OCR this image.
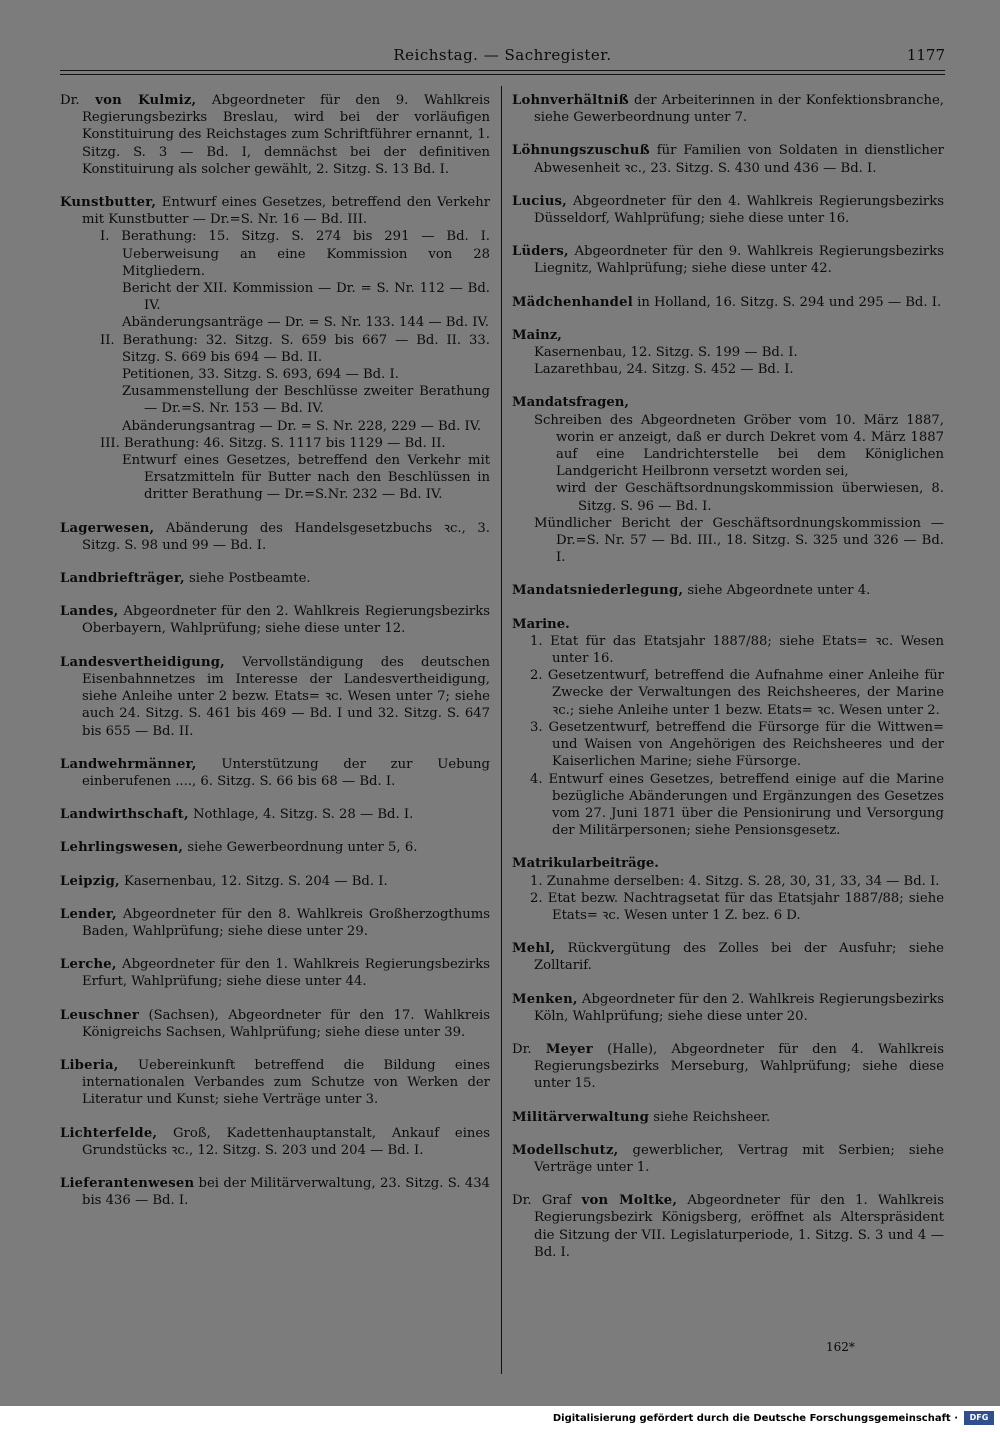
Reichstag. — Sachregister.	1177

Dr. von Kulmiz, Abgeordneter für den 9. Wahlkreis Regierungsbezirks Breslau, wird bei der vorläufigen Konstituirung des Reichstages zum Schriftführer ernannt, 1. Sitzg. S. 3 — Bd. I, demnächst bei der definitiven Konstituirung als solcher gewählt, 2. Sitzg. S. 13 Bd. I.

Kunstbutter, Entwurf eines Gesetzes, betreffend den Verkehr mit Kunstbutter — Dr.=S. Nr. 16 — Bd. III.

I. Berathung: 15. Sitzg. S. 274 bis 291 — Bd. I. Ueberweisung an eine Kommission von 28 Mitgliedern.

Bericht der XII. Kommission — Dr. = S. Nr. 112 — Bd. IV.

Abänderungsanträge — Dr. = S. Nr. 133. 144 — Bd. IV.

II. Berathung: 32. Sitzg. S. 659 bis 667 — Bd. II. 33. Sitzg. S. 669 bis 694 — Bd. II.

Petitionen, 33. Sitzg. S. 693, 694 — Bd. I.

Zusammenstellung der Beschlüsse zweiter Berathung — Dr.=S. Nr. 153 — Bd. IV.

Abänderungsantrag — Dr. = S. Nr. 228, 229 — Bd. IV.

III. Berathung: 46. Sitzg. S. 1117 bis 1129 — Bd. II.

Entwurf eines Gesetzes, betreffend den Verkehr mit Ersatzmitteln für Butter nach den Beschlüssen in dritter Berathung — Dr.=S.Nr. 232 — Bd. IV.

Lagerwesen, Abänderung des Handelsgesetzbuchs ꝛc., 3. Sitzg. S. 98 und 99 — Bd. I.

Landbriefträger, siehe Postbeamte.

Landes, Abgeordneter für den 2. Wahlkreis Regierungsbezirks Oberbayern, Wahlprüfung; siehe diese unter 12.

Landesvertheidigung, Vervollständigung des deutschen Eisenbahnnetzes im Interesse der Landesvertheidigung, siehe Anleihe unter 2 bezw. Etats= ꝛc. Wesen unter 7; siehe auch 24. Sitzg. S. 461 bis 469 — Bd. I und 32. Sitzg. S. 647 bis 655 — Bd. II.

Landwehrmänner, Unterstützung der zur Uebung einberufenen ...., 6. Sitzg. S. 66 bis 68 — Bd. I.

Landwirthschaft, Nothlage, 4. Sitzg. S. 28 — Bd. I.

Lehrlingswesen, siehe Gewerbeordnung unter 5, 6.

Leipzig, Kasernenbau, 12. Sitzg. S. 204 — Bd. I.

Lender, Abgeordneter für den 8. Wahlkreis Großherzogthums Baden, Wahlprüfung; siehe diese unter 29.

Lerche, Abgeordneter für den 1. Wahlkreis Regierungsbezirks Erfurt, Wahlprüfung; siehe diese unter 44.

Leuschner (Sachsen), Abgeordneter für den 17. Wahlkreis Königreichs Sachsen, Wahlprüfung; siehe diese unter 39.

Liberia, Uebereinkunft betreffend die Bildung eines internationalen Verbandes zum Schutze von Werken der Literatur und Kunst; siehe Verträge unter 3.

Lichterfelde, Groß, Kadettenhauptanstalt, Ankauf eines Grundstücks ꝛc., 12. Sitzg. S. 203 und 204 — Bd. I.

Lieferantenwesen bei der Militärverwaltung, 23. Sitzg. S. 434 bis 436 — Bd. I.

Lohnverhältniß der Arbeiterinnen in der Konfektionsbranche, siehe Gewerbeordnung unter 7.

Löhnungszuschuß für Familien von Soldaten in dienstlicher Abwesenheit ꝛc., 23. Sitzg. S. 430 und 436 — Bd. I.

Lucius, Abgeordneter für den 4. Wahlkreis Regierungsbezirks Düsseldorf, Wahlprüfung; siehe diese unter 16.

Lüders, Abgeordneter für den 9. Wahlkreis Regierungsbezirks Liegnitz, Wahlprüfung; siehe diese unter 42.

Mädchenhandel in Holland, 16. Sitzg. S. 294 und 295 — Bd. I.

Mainz,

Kasernenbau, 12. Sitzg. S. 199 — Bd. I.

Lazarethbau, 24. Sitzg. S. 452 — Bd. I.

Mandatsfragen,

Schreiben des Abgeordneten Gröber vom 10. März 1887, worin er anzeigt, daß er durch Dekret vom 4. März 1887 auf eine Landrichterstelle bei dem Königlichen Landgericht Heilbronn versetzt worden sei,

wird der Geschäftsordnungskommission überwiesen, 8. Sitzg. S. 96 — Bd. I.

Mündlicher Bericht der Geschäftsordnungskommission — Dr.=S. Nr. 57 — Bd. III., 18. Sitzg. S. 325 und 326 — Bd. I.

Mandatsniederlegung, siehe Abgeordnete unter 4.

Marine.

1. Etat für das Etatsjahr 1887/88; siehe Etats= ꝛc. Wesen unter 16.

2. Gesetzentwurf, betreffend die Aufnahme einer Anleihe für Zwecke der Verwaltungen des Reichsheeres, der Marine ꝛc.; siehe Anleihe unter 1 bezw. Etats= ꝛc. Wesen unter 2.

3. Gesetzentwurf, betreffend die Fürsorge für die Wittwen= und Waisen von Angehörigen des Reichsheeres und der Kaiserlichen Marine; siehe Fürsorge.

4. Entwurf eines Gesetzes, betreffend einige auf die Marine bezügliche Abänderungen und Ergänzungen des Gesetzes vom 27. Juni 1871 über die Pensionirung und Versorgung der Militärpersonen; siehe Pensionsgesetz.

Matrikularbeiträge.

1. Zunahme derselben: 4. Sitzg. S. 28, 30, 31, 33, 34 — Bd. I.

2. Etat bezw. Nachtragsetat für das Etatsjahr 1887/88; siehe Etats= ꝛc. Wesen unter 1 Z. bez. 6 D.

Mehl, Rückvergütung des Zolles bei der Ausfuhr; siehe Zolltarif.

Menken, Abgeordneter für den 2. Wahlkreis Regierungsbezirks Köln, Wahlprüfung; siehe diese unter 20.

Dr. Meyer (Halle), Abgeordneter für den 4. Wahlkreis Regierungsbezirks Merseburg, Wahlprüfung; siehe diese unter 15.

Militärverwaltung siehe Reichsheer.

Modellschutz, gewerblicher, Vertrag mit Serbien; siehe Verträge unter 1.

Dr. Graf von Moltke, Abgeordneter für den 1. Wahlkreis Regierungsbezirk Königsberg, eröffnet als Alterspräsident die Sitzung der VII. Legislaturperiode, 1. Sitzg. S. 3 und 4 — Bd. I.

162*
Digitalisierung gefördert durch die Deutsche Forschungsgemeinschaft ·	DFG
